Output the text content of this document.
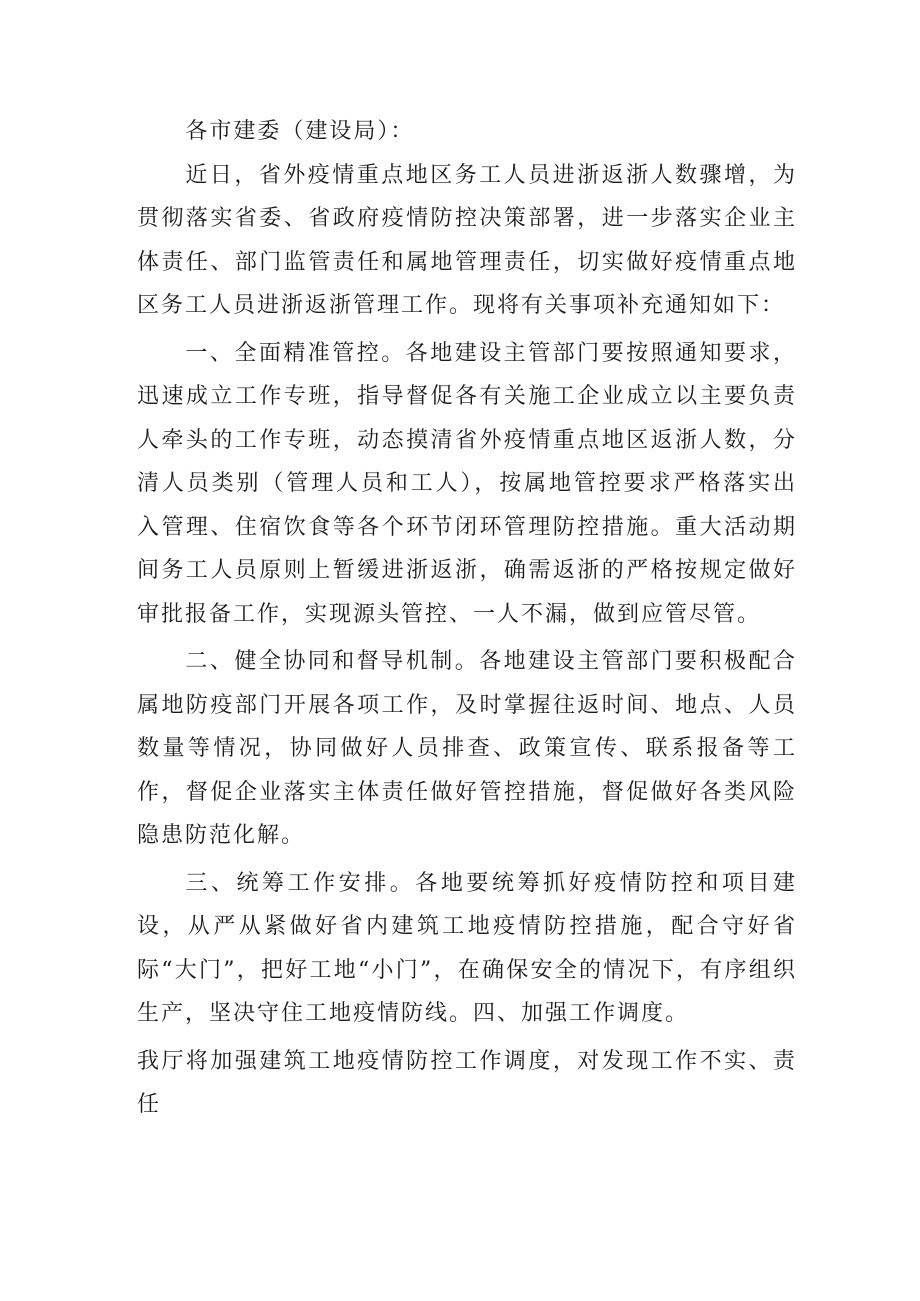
各市建委（建设局）：

近日，省外疫情重点地区务工人员进浙返浙人数骤增，为贯彻落实省委、省政府疫情防控决策部署，进一步落实企业主体责任、部门监管责任和属地管理责任，切实做好疫情重点地区务工人员进浙返浙管理工作。现将有关事项补充通知如下：

一、全面精准管控。各地建设主管部门要按照通知要求，迅速成立工作专班，指导督促各有关施工企业成立以主要负责人牵头的工作专班，动态摸清省外疫情重点地区返浙人数，分清人员类别（管理人员和工人），按属地管控要求严格落实出入管理、住宿饮食等各个环节闭环管理防控措施。重大活动期间务工人员原则上暂缓进浙返浙，确需返浙的严格按规定做好审批报备工作，实现源头管控、一人不漏，做到应管尽管。

二、健全协同和督导机制。各地建设主管部门要积极配合属地防疫部门开展各项工作，及时掌握往返时间、地点、人员数量等情况，协同做好人员排查、政策宣传、联系报备等工作，督促企业落实主体责任做好管控措施，督促做好各类风险隐患防范化解。

三、统筹工作安排。各地要统筹抓好疫情防控和项目建设，从严从紧做好省内建筑工地疫情防控措施，配合守好省际“大门”，把好工地“小门”，在确保安全的情况下，有序组织生产，坚决守住工地疫情防线。四、加强工作调度。

我厅将加强建筑工地疫情防控工作调度，对发现工作不实、责任
